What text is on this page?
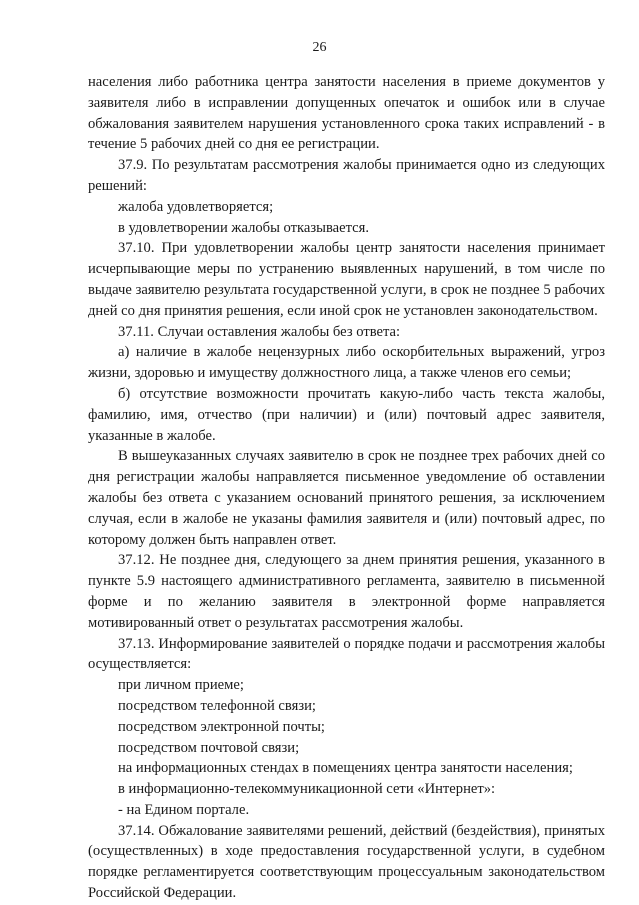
26

населения либо работника центра занятости населения в приеме документов у заявителя либо в исправлении допущенных опечаток и ошибок или в случае обжалования заявителем нарушения установленного срока таких исправлений - в течение 5 рабочих дней со дня ее регистрации.

37.9. По результатам рассмотрения жалобы принимается одно из следующих решений:

жалоба удовлетворяется;

в удовлетворении жалобы отказывается.

37.10. При удовлетворении жалобы центр занятости населения принимает исчерпывающие меры по устранению выявленных нарушений, в том числе по выдаче заявителю результата государственной услуги, в срок не позднее 5 рабочих дней со дня принятия решения, если иной срок не установлен законодательством.

37.11. Случаи оставления жалобы без ответа:

а) наличие в жалобе нецензурных либо оскорбительных выражений, угроз жизни, здоровью и имуществу должностного лица, а также членов его семьи;

б) отсутствие возможности прочитать какую-либо часть текста жалобы, фамилию, имя, отчество (при наличии) и (или) почтовый адрес заявителя, указанные в жалобе.

В вышеуказанных случаях заявителю в срок не позднее трех рабочих дней со дня регистрации жалобы направляется письменное уведомление об оставлении жалобы без ответа с указанием оснований принятого решения, за исключением случая, если в жалобе не указаны фамилия заявителя и (или) почтовый адрес, по которому должен быть направлен ответ.

37.12. Не позднее дня, следующего за днем принятия решения, указанного в пункте 5.9 настоящего административного регламента, заявителю в письменной форме и по желанию заявителя в электронной форме направляется мотивированный ответ о результатах рассмотрения жалобы.

37.13. Информирование заявителей о порядке подачи и рассмотрения жалобы осуществляется:

при личном приеме;

посредством телефонной связи;

посредством электронной почты;

посредством почтовой связи;

на информационных стендах в помещениях центра занятости населения;

в информационно-телекоммуникационной сети «Интернет»:

- на Едином портале.

37.14. Обжалование заявителями решений, действий (бездействия), принятых (осуществленных) в ходе предоставления государственной услуги, в судебном порядке регламентируется соответствующим процессуальным законодательством Российской Федерации.
